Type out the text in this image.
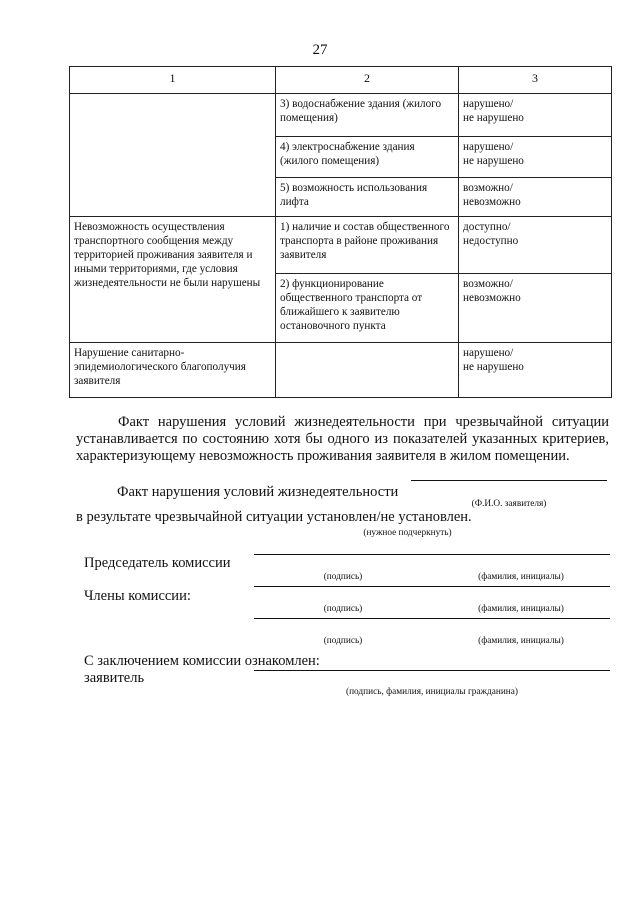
27
1	2	3
	3) водоснабжение здания (жилого помещения)	нарушено/
не нарушено

	4) электроснабжение здания (жилого помещения)	нарушено/
не нарушено

	5) возможность использования лифта	возможно/
невозможно

Невозможность осуществления транспортного сообщения между территорией проживания заявителя и иными территориями, где условия жизнедеятельности не были нарушены	1) наличие и состав общественного транспорта в районе проживания заявителя	доступно/
недоступно

	2) функционирование общественного транспорта от ближайшего к заявителю остановочного пункта	возможно/
невозможно

Нарушение санитарно-эпидемиологического благополучия заявителя		нарушено/
не нарушено

Факт нарушения условий жизнедеятельности при чрезвычайной ситуации устанавливается по состоянию хотя бы одного из показателей указанных критериев, характеризующему невозможность проживания заявителя в жилом помещении.

Факт нарушения условий жизнедеятельности
(Ф.И.О. заявителя)
в результате чрезвычайной ситуации установлен/не установлен.
(нужное подчеркнуть)
Председатель комиссии
(подпись)	(фамилия, инициалы)
Члены комиссии:
(подпись)	(фамилия, инициалы)
(подпись)	(фамилия, инициалы)
С заключением комиссии ознакомлен:
заявитель
(подпись, фамилия, инициалы гражданина)
